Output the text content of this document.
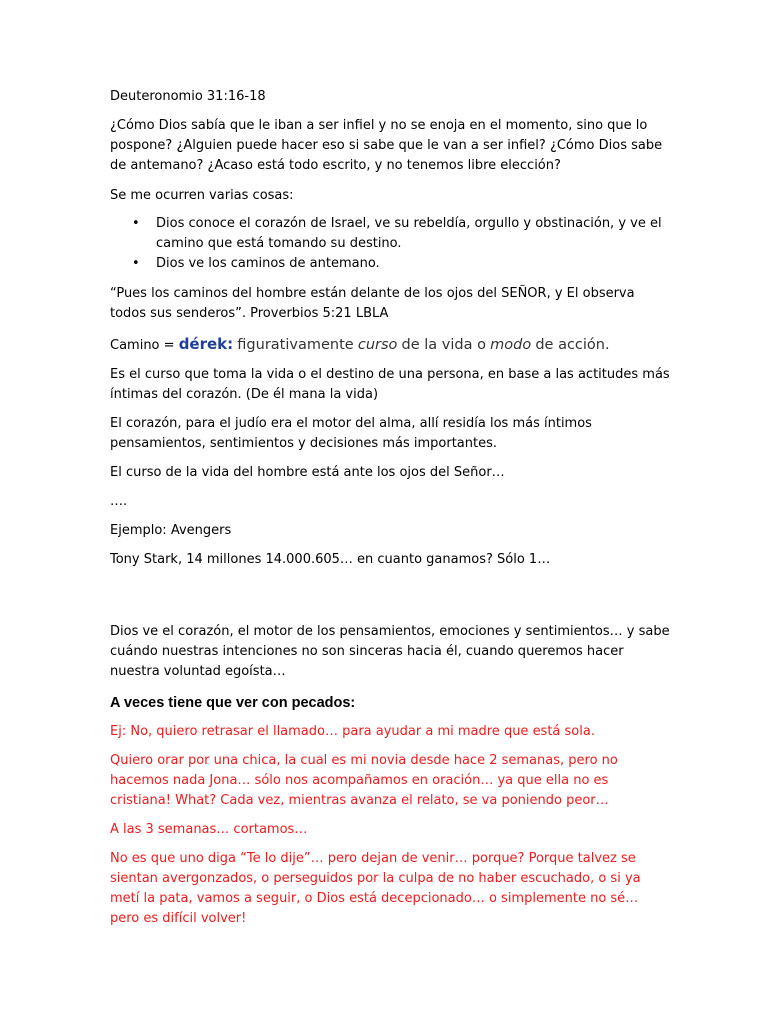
Deuteronomio 31:16-18

¿Cómo Dios sabía que le iban a ser infiel y no se enoja en el momento, sino que lo pospone? ¿Alguien puede hacer eso si sabe que le van a ser infiel? ¿Cómo Dios sabe de antemano? ¿Acaso está todo escrito, y no tenemos libre elección?

Se me ocurren varias cosas:

• Dios conoce el corazón de Israel, ve su rebeldía, orgullo y obstinación, y ve el camino que está tomando su destino.
• Dios ve los caminos de antemano.

“Pues los caminos del hombre están delante de los ojos del SEÑOR, y El observa todos sus senderos”. Proverbios 5:21 LBLA

Camino = dérek: figurativamente curso de la vida o modo de acción.

Es el curso que toma la vida o el destino de una persona, en base a las actitudes más íntimas del corazón. (De él mana la vida)

El corazón, para el judío era el motor del alma, allí residía los más íntimos pensamientos, sentimientos y decisiones más importantes.

El curso de la vida del hombre está ante los ojos del Señor…

….

Ejemplo: Avengers

Tony Stark, 14 millones 14.000.605… en cuanto ganamos? Sólo 1…

Dios ve el corazón, el motor de los pensamientos, emociones y sentimientos… y sabe cuándo nuestras intenciones no son sinceras hacia él, cuando queremos hacer nuestra voluntad egoísta…

A veces tiene que ver con pecados:

Ej: No, quiero retrasar el llamado… para ayudar a mi madre que está sola.

Quiero orar por una chica, la cual es mi novia desde hace 2 semanas, pero no hacemos nada Jona… sólo nos acompañamos en oración… ya que ella no es cristiana! What? Cada vez, mientras avanza el relato, se va poniendo peor…

A las 3 semanas… cortamos…

No es que uno diga “Te lo dije”… pero dejan de venir… porque? Porque talvez se sientan avergonzados, o perseguidos por la culpa de no haber escuchado, o si ya metí la pata, vamos a seguir, o Dios está decepcionado… o simplemente no sé… pero es difícil volver!
